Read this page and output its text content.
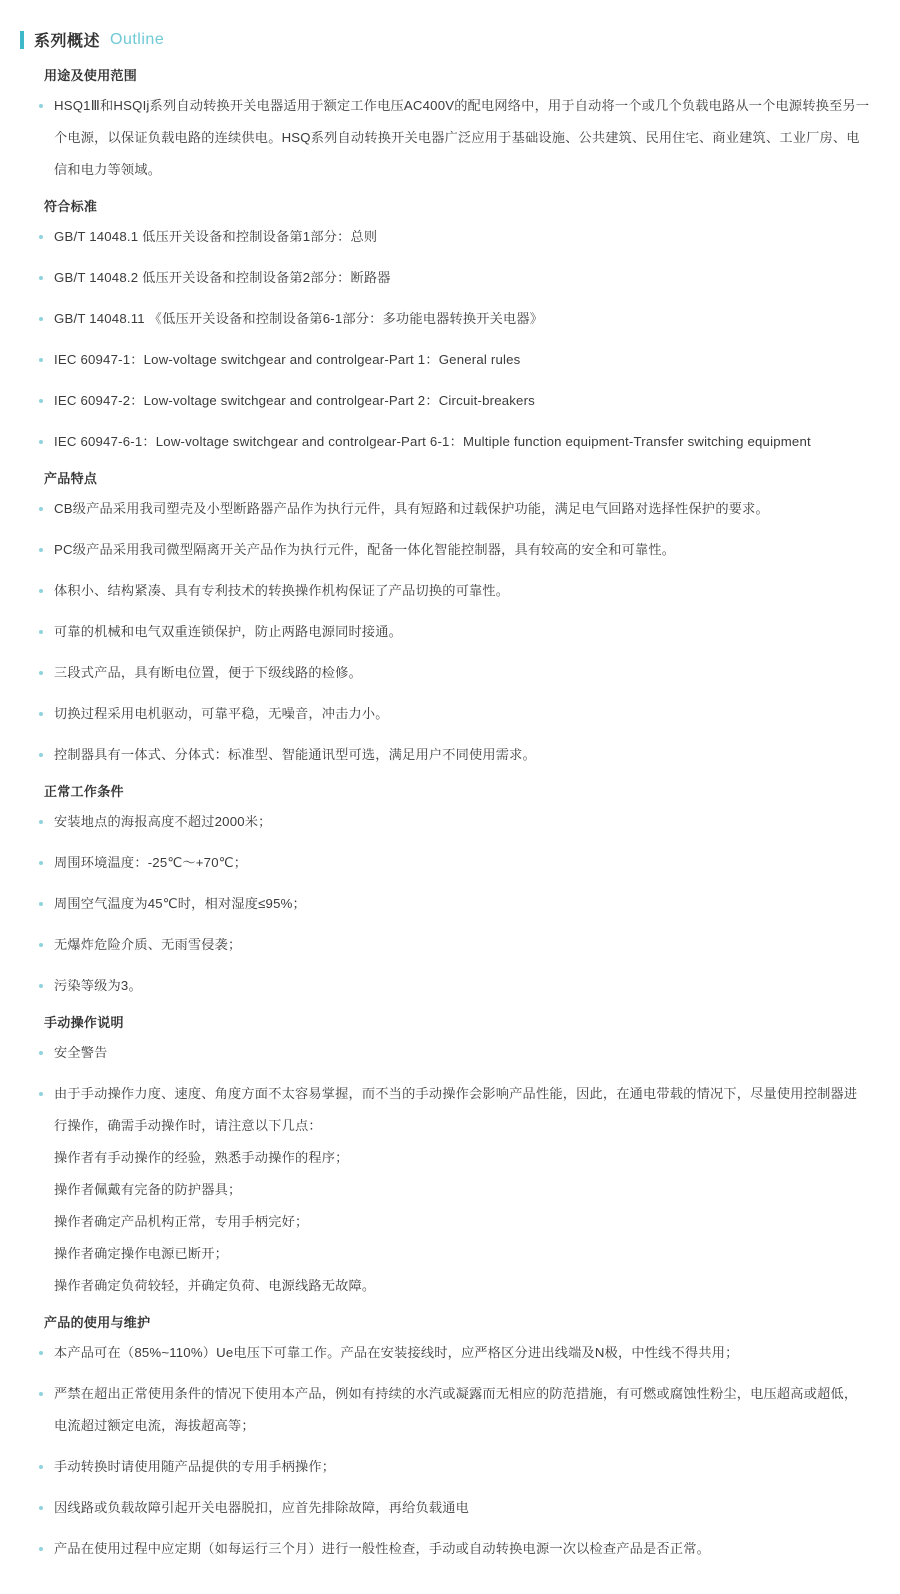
系列概述 Outline
用途及使用范围
HSQ1Ⅲ和HSQIj系列自动转换开关电器适用于额定工作电压AC400V的配电网络中，用于自动将一个或几个负载电路从一个电源转换至另一个电源，以保证负载电路的连续供电。HSQ系列自动转换开关电器广泛应用于基础设施、公共建筑、民用住宅、商业建筑、工业厂房、电信和电力等领域。
符合标准
GB/T 14048.1 低压开关设备和控制设备第1部分：总则
GB/T 14048.2 低压开关设备和控制设备第2部分：断路器
GB/T 14048.11 《低压开关设备和控制设备第6-1部分：多功能电器转换开关电器》
IEC 60947-1：Low-voltage switchgear and controlgear-Part 1：General rules
IEC 60947-2：Low-voltage switchgear and controlgear-Part 2：Circuit-breakers
IEC 60947-6-1：Low-voltage switchgear and controlgear-Part 6-1：Multiple function equipment-Transfer switching equipment
产品特点
CB级产品采用我司塑壳及小型断路器产品作为执行元件，具有短路和过载保护功能，满足电气回路对选择性保护的要求。
PC级产品采用我司微型隔离开关产品作为执行元件，配备一体化智能控制器，具有较高的安全和可靠性。
体积小、结构紧凑、具有专利技术的转换操作机构保证了产品切换的可靠性。
可靠的机械和电气双重连锁保护，防止两路电源同时接通。
三段式产品，具有断电位置，便于下级线路的检修。
切换过程采用电机驱动，可靠平稳，无噪音，冲击力小。
控制器具有一体式、分体式：标准型、智能通讯型可选，满足用户不同使用需求。
正常工作条件
安装地点的海报高度不超过2000米；
周围环境温度：-25℃～+70℃；
周围空气温度为45℃时，相对湿度≤95%；
无爆炸危险介质、无雨雪侵袭；
污染等级为3。
手动操作说明
安全警告
由于手动操作力度、速度、角度方面不太容易掌握，而不当的手动操作会影响产品性能，因此，在通电带载的情况下，尽量使用控制器进行操作，确需手动操作时，请注意以下几点：
操作者有手动操作的经验，熟悉手动操作的程序；
操作者佩戴有完备的防护器具；
操作者确定产品机构正常，专用手柄完好；
操作者确定操作电源已断开；
操作者确定负荷较轻，并确定负荷、电源线路无故障。
产品的使用与维护
本产品可在（85%~110%）Ue电压下可靠工作。产品在安装接线时，应严格区分进出线端及N极，中性线不得共用；
严禁在超出正常使用条件的情况下使用本产品，例如有持续的水汽或凝露而无相应的防范措施，有可燃或腐蚀性粉尘，电压超高或超低，电流超过额定电流，海拔超高等；
手动转换时请使用随产品提供的专用手柄操作；
因线路或负载故障引起开关电器脱扣，应首先排除故障，再给负载通电
产品在使用过程中应定期（如每运行三个月）进行一般性检查，手动或自动转换电源一次以检查产品是否正常。
